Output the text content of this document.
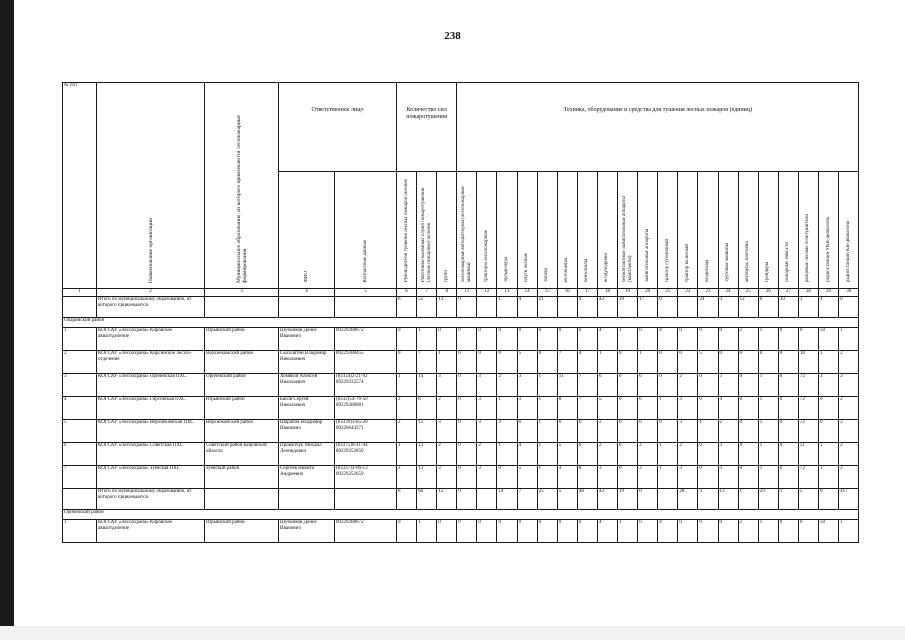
238
№ п/п	Наименование организации	Муниципальное образование, из которого привлекаются лесопожарные формирования	Ответственное лицо		Количество сил пожаротушения			Техника, оборудование и средства для тушения лесных пожаров (единиц)																			

			ФИО	Контактные данные	Руководители тушения лесных пожаров человек	Работники наземных служб пожаротушения (лесные пожарные) человек	групп	лесопожарные автоцистерны (лесопожарные машины)	тракторы лесопожарные	бульдозеры	плуги лесные	тягачи	мотопомпы	бензопилы	воздуходувки	бесконтактные зажигательные аппараты (комплекты)	зажигательные аппараты	трактор гусеничный	трактор колесный	вездеходы	грузовые машины	автобусы, вахтовки	грейдеры	пожарные емкости	ранцевые лесные огнетушители	радиостанции УКВ-диапазона	радиостанции КВ-диапазона

1	2	3	4	5	6	7	8	11	12	13	14	15	16	17	18	19	20	21	22	23	24	25	26	27	28	29	30
	Итого по муниципальному образованию, из которого привлекаются				6	55	13	0		1	4	21		4	42	39	17	0		24	3	12	0	30	1	4	0
Опаринский район																											
1	КОГСАУ «Лесоохрана» Кировское авиаотделение	Юрьянский район	Шубников Денис Иванович	89229308672	0	1	0	0	0	0	0	0	0	6	4	1	0	4	0	0	0	2	1	0	0	50	1
2	КОГСАУ «Лесоохрана» Кирсинское лесхоз-отделение	Верхнекамский район	Сысолятин Владимир Николаевич	89229308455	0	7	1	0	0	0	5	0	7	4	1	0	1	0	0	5	0	0	0	0	18	1	2
3	КОГСАУ «Лесоохрана» Оричевская ПХС	Оричевский район	Хомяков Алексей Николаевич	(83354)2-21-92 89229332574	1	14	3	0	3	2	3	1	11	7	6	0	6	0	2	0	3	0	1	0	72	3	2
4	КОГСАУ «Лесоохрана» Гирсовская ПХС	Юрьянский район	Басов Сергей Николаевич	(8332)54-76-50 89229308081	2	8	2	0	3	1	3	1	8	7	5	0	6	1	3	0	4	0	1	0	72	0	2
5	КОГСАУ «Лесоохрана» Верхнекамская ПХС	Верхнекамский район	Шарапов Владимир Иванович	(83339)3-85-20 89226644371	2	15	3	0	3	3	6	1	6	6	2	0	6	0	3	1	2	0	1	0	72	0	2
6	КОГСАУ «Лесоохрана» Советская ПХС	Советский район Кировской области	Прокопчук Михаил Леонидович	(83375)6-41-44 89229352850	1	13	2	0	2	1	4	1	5	6	2	0	3	1	2	0	3	0	1	0	51	1	2
7	КОГСАУ «Лесоохрана» Зуевская ПХС	Зуевский район	Сергеев Никита Андреевич	(83337)2-06-13 89229352659	2	13	3	0	3	0	5	1	3	8	3	0	2	1	3	0	3	0	1	0	72	1	2
	Итого по муниципальному образованию, из которого привлекаются				8	66	15	0		14	7	25	5	48	42	19	0		28	3	13	1	29	1	5	0	417
Оричевский район																											
1	КОГСАУ «Лесоохрана» Кировское авиаотделение	Юрьянский район	Шубников Денис Иванович	89229308672	0	1	0	0	0	0	0	0	0	6	4	1	0	4	0	0	0	2	1	0	0	50	1
